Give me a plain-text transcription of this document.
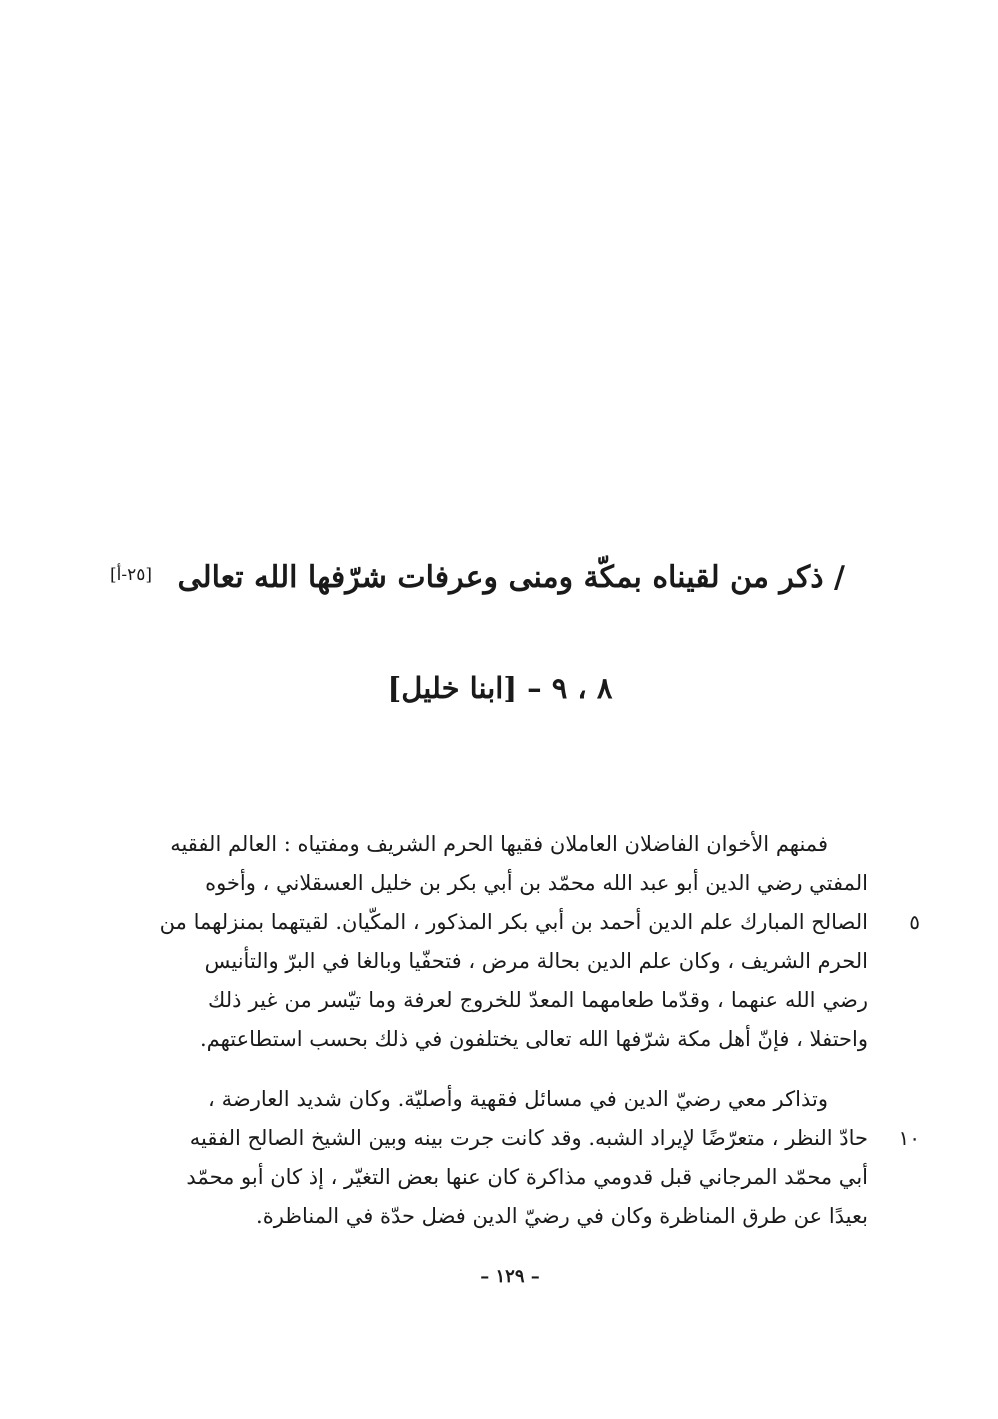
/ ذكر من لقيناه بمكّة ومنى وعرفات شرّفها الله تعالى
[٢٥-أ]
٨ ، ٩ – [ابنا خليل]
فمنهم الأخوان الفاضلان العاملان فقيها الحرم الشريف ومفتياه : العالم الفقيه
المفتي رضي الدين أبو عبد الله محمّد بن أبي بكر بن خليل العسقلاني ، وأخوه
٥
الصالح المبارك علم الدين أحمد بن أبي بكر المذكور ، المكّيان. لقيتهما بمنزلهما من
الحرم الشريف ، وكان علم الدين بحالة مرض ، فتحفّيا وبالغا في البرّ والتأنيس
رضي الله عنهما ، وقدّما طعامهما المعدّ للخروج لعرفة وما تيّسر من غير ذلك
واحتفلا ، فإنّ أهل مكة شرّفها الله تعالى يختلفون في ذلك بحسب استطاعتهم.
وتذاكر معي رضيّ الدين في مسائل فقهية وأصليّة. وكان شديد العارضة ،
١٠
حادّ النظر ، متعرّضًا لإيراد الشبه. وقد كانت جرت بينه وبين الشيخ الصالح الفقيه
أبي محمّد المرجاني قبل قدومي مذاكرة كان عنها بعض التغيّر ، إذ كان أبو محمّد
بعيدًا عن طرق المناظرة وكان في رضيّ الدين فضل حدّة في المناظرة.
– ١٢٩ –
